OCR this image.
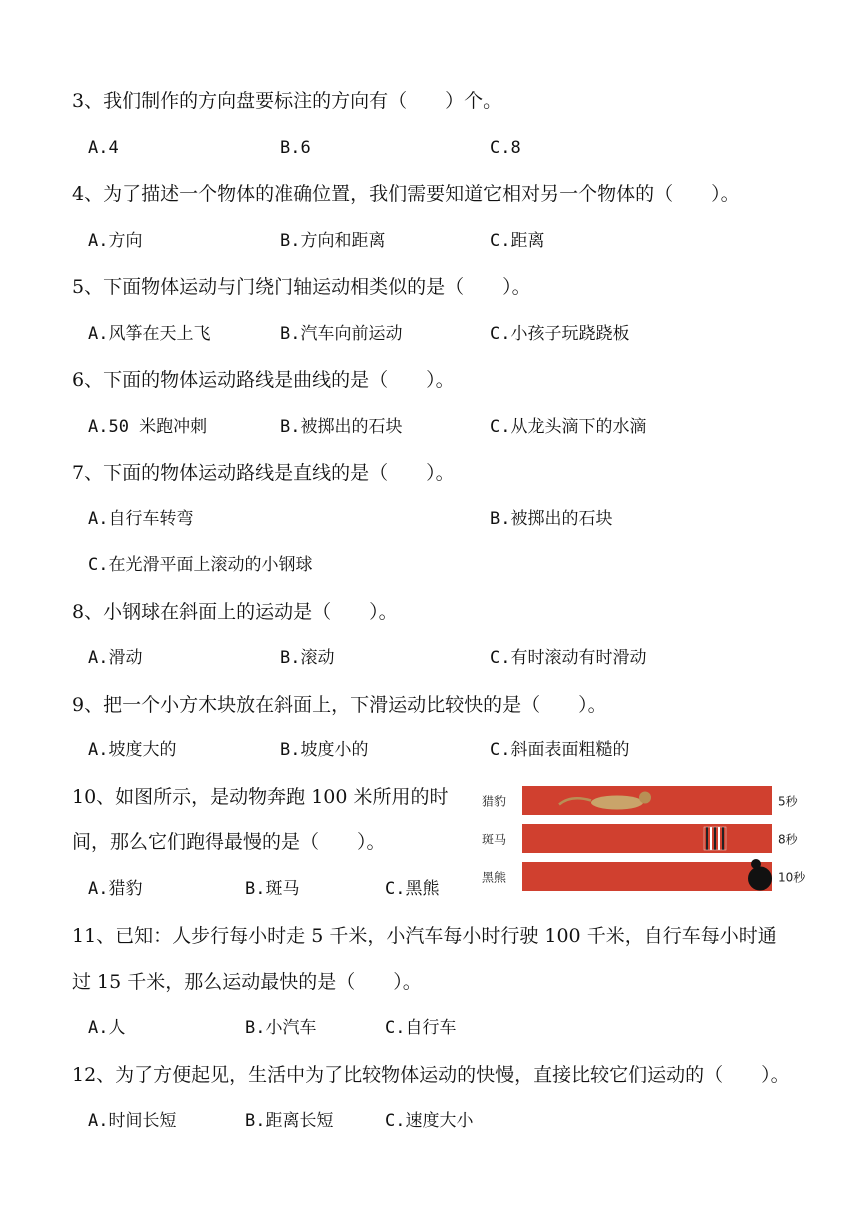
3、我们制作的方向盘要标注的方向有（　　）个。
A.4	B.6	C.8
4、为了描述一个物体的准确位置，我们需要知道它相对另一个物体的（　　）。
A.方向	B.方向和距离	C.距离
5、下面物体运动与门绕门轴运动相类似的是（　　）。
A.风筝在天上飞	B.汽车向前运动	C.小孩子玩跷跷板
6、下面的物体运动路线是曲线的是（　　）。
A.50 米跑冲刺	B.被掷出的石块	C.从龙头滴下的水滴
7、下面的物体运动路线是直线的是（　　）。
A.自行车转弯	B.被掷出的石块
C.在光滑平面上滚动的小钢球
8、小钢球在斜面上的运动是（　　）。
A.滑动	B.滚动	C.有时滚动有时滑动
9、把一个小方木块放在斜面上，下滑运动比较快的是（　　）。
A.坡度大的	B.坡度小的	C.斜面表面粗糙的
10、如图所示，是动物奔跑 100 米所用的时
间，那么它们跑得最慢的是（　　）。
A.猎豹	B.斑马	C.黑熊
猎豹	5秒
斑马	8秒
黑熊	10秒
11、已知：人步行每小时走 5 千米，小汽车每小时行驶 100 千米，自行车每小时通
过 15 千米，那么运动最快的是（　　）。
A.人	B.小汽车	C.自行车
12、为了方便起见，生活中为了比较物体运动的快慢，直接比较它们运动的（　　）。
A.时间长短	B.距离长短	C.速度大小
